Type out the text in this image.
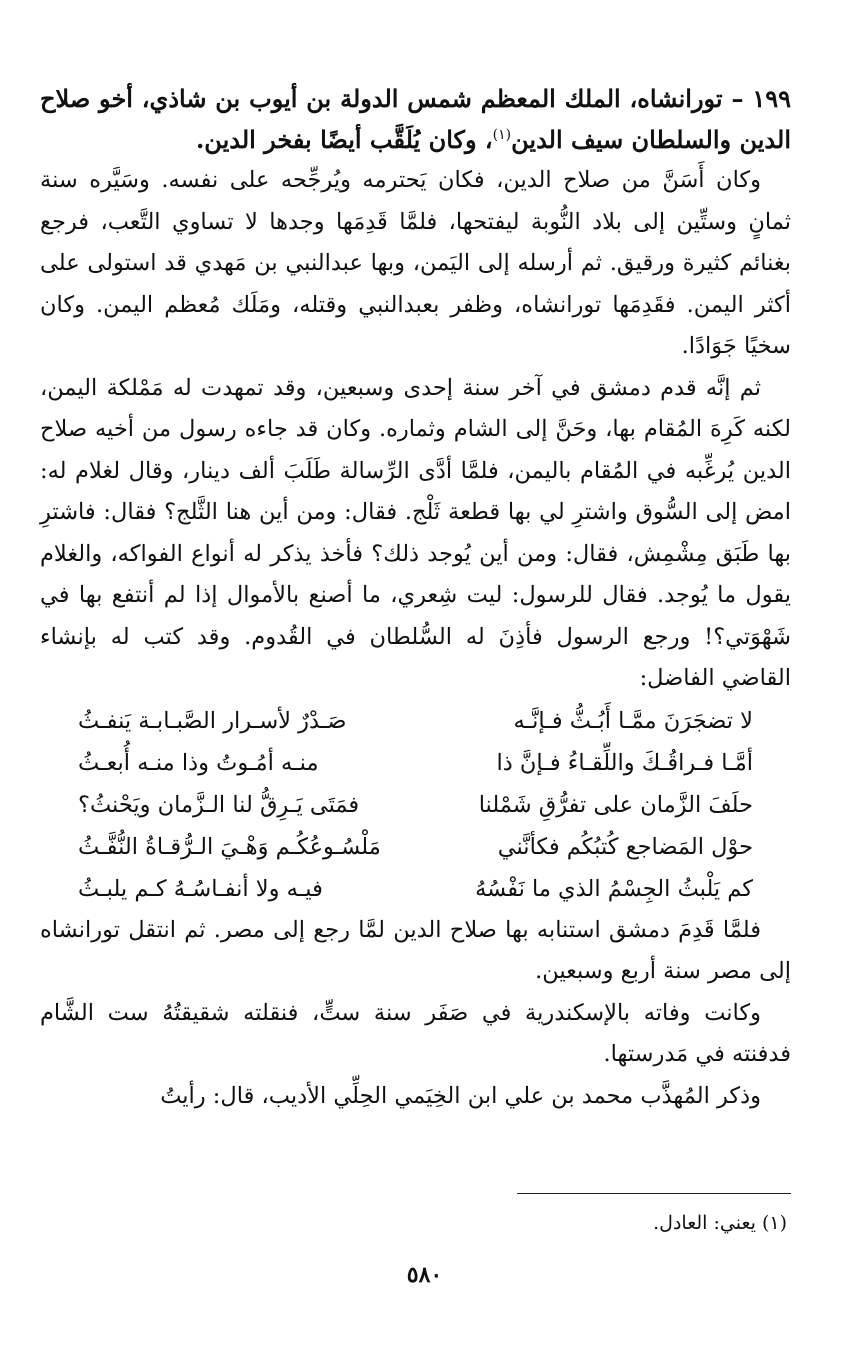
١٩٩ – تورانشاه، الملك المعظم شمس الدولة بن أيوب بن شاذي، أخو صلاح الدين والسلطان سيف الدين$^{(١)}$، وكان يُلَقَّب أيضًا بفخر الدين.

وكان أَسَنَّ من صلاح الدين، فكان يَحترمه ويُرجِّحه على نفسه. وسَيَّره سنة ثمانٍ وستِّين إلى بلاد النُّوبة ليفتحها، فلمَّا قَدِمَها وجدها لا تساوي التَّعب، فرجع بغنائم كثيرة ورقيق. ثم أرسله إلى اليَمن، وبها عبدالنبي بن مَهدي قد استولى على أكثر اليمن. فقَدِمَها تورانشاه، وظفر بعبدالنبي وقتله، ومَلَك مُعظم اليمن. وكان سخيًا جَوَادًا.

ثم إنَّه قدم دمشق في آخر سنة إحدى وسبعين، وقد تمهدت له مَمْلكة اليمن، لكنه كَرِهَ المُقام بها، وحَنَّ إلى الشام وثماره. وكان قد جاءه رسول من أخيه صلاح الدين يُرغِّبه في المُقام باليمن، فلمَّا أدَّى الرِّسالة طَلَبَ ألف دينار، وقال لغلام له: امض إلى السُّوق واشترِ لي بها قطعة ثَلْج. فقال: ومن أين هنا الثَّلج؟ فقال: فاشترِ بها طَبَق مِشْمِش، فقال: ومن أين يُوجد ذلك؟ فأخذ يذكر له أنواع الفواكه، والغلام يقول ما يُوجد. فقال للرسول: ليت شِعري، ما أصنع بالأموال إذا لم أنتفع بها في شَهْوَتي؟! ورجع الرسول فأذِنَ له السُّلطان في القُدوم. وقد كتب له بإنشاء القاضي الفاضل:

لا تضجَرَنَ ممَّـا أَبُـثُّ فـإنَّـه
صَـدْرٌ لأسـرار الصَّبـابـة يَنفـثُ
أمَّـا فـراقُـكَ واللِّقـاءُ فـإنَّ ذا
منـه أمُـوتُ وذا منـه أُبعـثُ
حلَفَ الزَّمان على تفرُّقِ شَمْلنا
فمَتَى يَـرِقُّ لنا الـزَّمان ويَحْنثُ؟
حوْل المَضاجع كُتبُكُم فكأنَّني
مَلْسُـوعُكُـم وَهْـيَ الـرُّقـاةُ النُّفَّـثُ
كم يَلْبثُ الجِسْمُ الذي ما نَفْسُهُ
فيـه ولا أنفـاسُـهُ كـم يلبـثُ

فلمَّا قَدِمَ دمشق استنابه بها صلاح الدين لمَّا رجع إلى مصر. ثم انتقل تورانشاه إلى مصر سنة أربع وسبعين.

وكانت وفاته بالإسكندرية في صَفَر سنة ستٍّ، فنقلته شقيقتُهُ ست الشَّام فدفنته في مَدرستها.

وذكر المُهذَّب محمد بن علي ابن الخِيَمي الحِلِّي الأديب، قال: رأيتُ

(١) يعني: العادل.
٥٨٠
